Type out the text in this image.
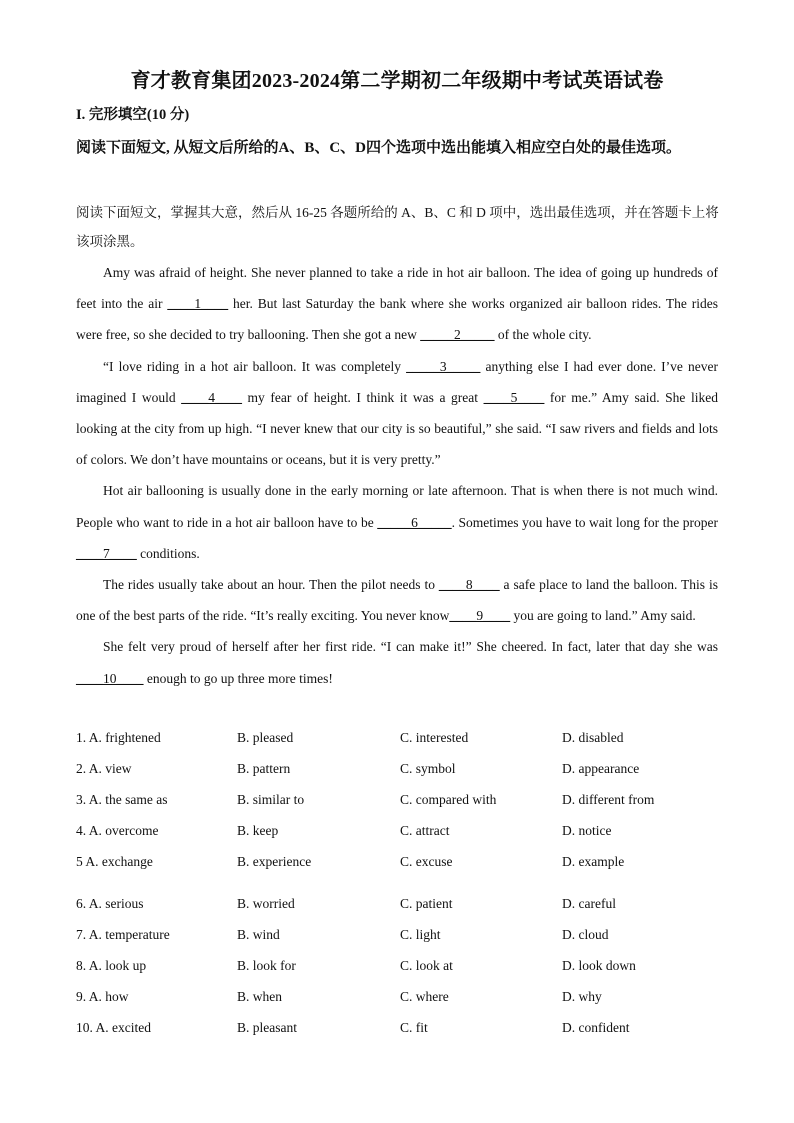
育才教育集团2023-2024第二学期初二年级期中考试英语试卷
I. 完形填空(10 分)
阅读下面短文, 从短文后所给的A、B、C、D四个选项中选出能填入相应空白处的最佳选项。
阅读下面短文，掌握其大意，然后从 16-25 各题所给的 A、B、C 和 D 项中，选出最佳选项，并在答题卡上将该项涂黑。

Amy was afraid of height. She never planned to take a ride in hot air balloon. The idea of going up hundreds of feet into the air ____1____ her. But last Saturday the bank where she works organized air balloon rides. The rides were free, so she decided to try ballooning. Then she got a new _____2_____ of the whole city.

“I love riding in a hot air balloon. It was completely _____3_____ anything else I had ever done. I’ve never imagined I would ____4____ my fear of height. I think it was a great ____5____ for me.” Amy said. She liked looking at the city from up high. “I never knew that our city is so beautiful,” she said. “I saw rivers and fields and lots of colors. We don’t have mountains or oceans, but it is very pretty.”

Hot air ballooning is usually done in the early morning or late afternoon. That is when there is not much wind. People who want to ride in a hot air balloon have to be _____6_____. Sometimes you have to wait long for the proper ____7____ conditions.

The rides usually take about an hour. Then the pilot needs to ____8____ a safe place to land the balloon. This is one of the best parts of the ride. “It’s really exciting. You never know____9____ you are going to land.” Amy said.

She felt very proud of herself after her first ride. “I can make it!” She cheered. In fact, later that day she was ____10____ enough to go up three more times!

1. A. frightened	B. pleased	C. interested	D. disabled
2. A. view	B. pattern	C. symbol	D. appearance
3. A. the same as	B. similar to	C. compared with	D. different from
4. A. overcome	B. keep	C. attract	D. notice
5 A. exchange	B. experience	C. excuse	D. example
6. A. serious	B. worried	C. patient	D. careful
7. A. temperature	B. wind	C. light	D. cloud
8. A. look up	B. look for	C. look at	D. look down
9. A. how	B. when	C. where	D. why
10. A. excited	B. pleasant	C. fit	D. confident
